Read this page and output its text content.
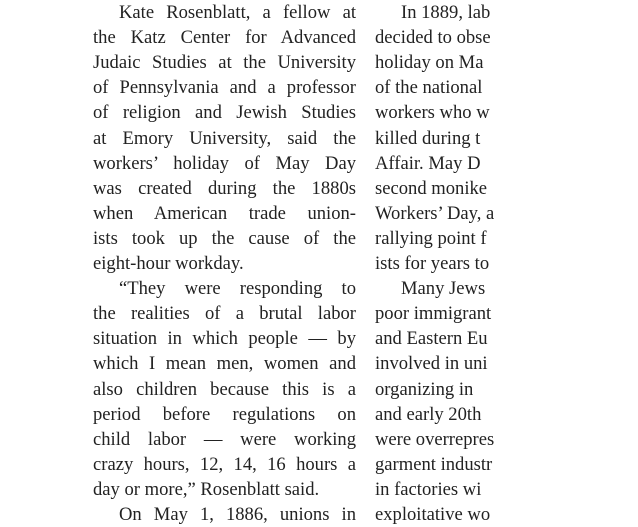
Kate Rosenblatt, a fellow at
the Katz Center for Advanced
Judaic Studies at the University
of Pennsylvania and a professor
of religion and Jewish Studies
at Emory University, said the
workers’ holiday of May Day
was created during the 1880s
when American trade union-
ists took up the cause of the
eight-hour workday.
“They were responding to
the realities of a brutal labor
situation in which people — by
which I mean men, women and
also children because this is a
period before regulations on
child labor — were working
crazy hours, 12, 14, 16 hours a
day or more,” Rosenblatt said.
On May 1, 1886, unions in
In 1889, lab
decided to obse
holiday on Ma
of the national
workers who w
killed during t
Affair. May D
second monike
Workers’ Day, a
rallying point f
ists for years to
Many Jews
poor immigrant
and Eastern Eu
involved in uni
organizing in
and early 20th
were overrepres
garment industr
in factories wi
exploitative wo
